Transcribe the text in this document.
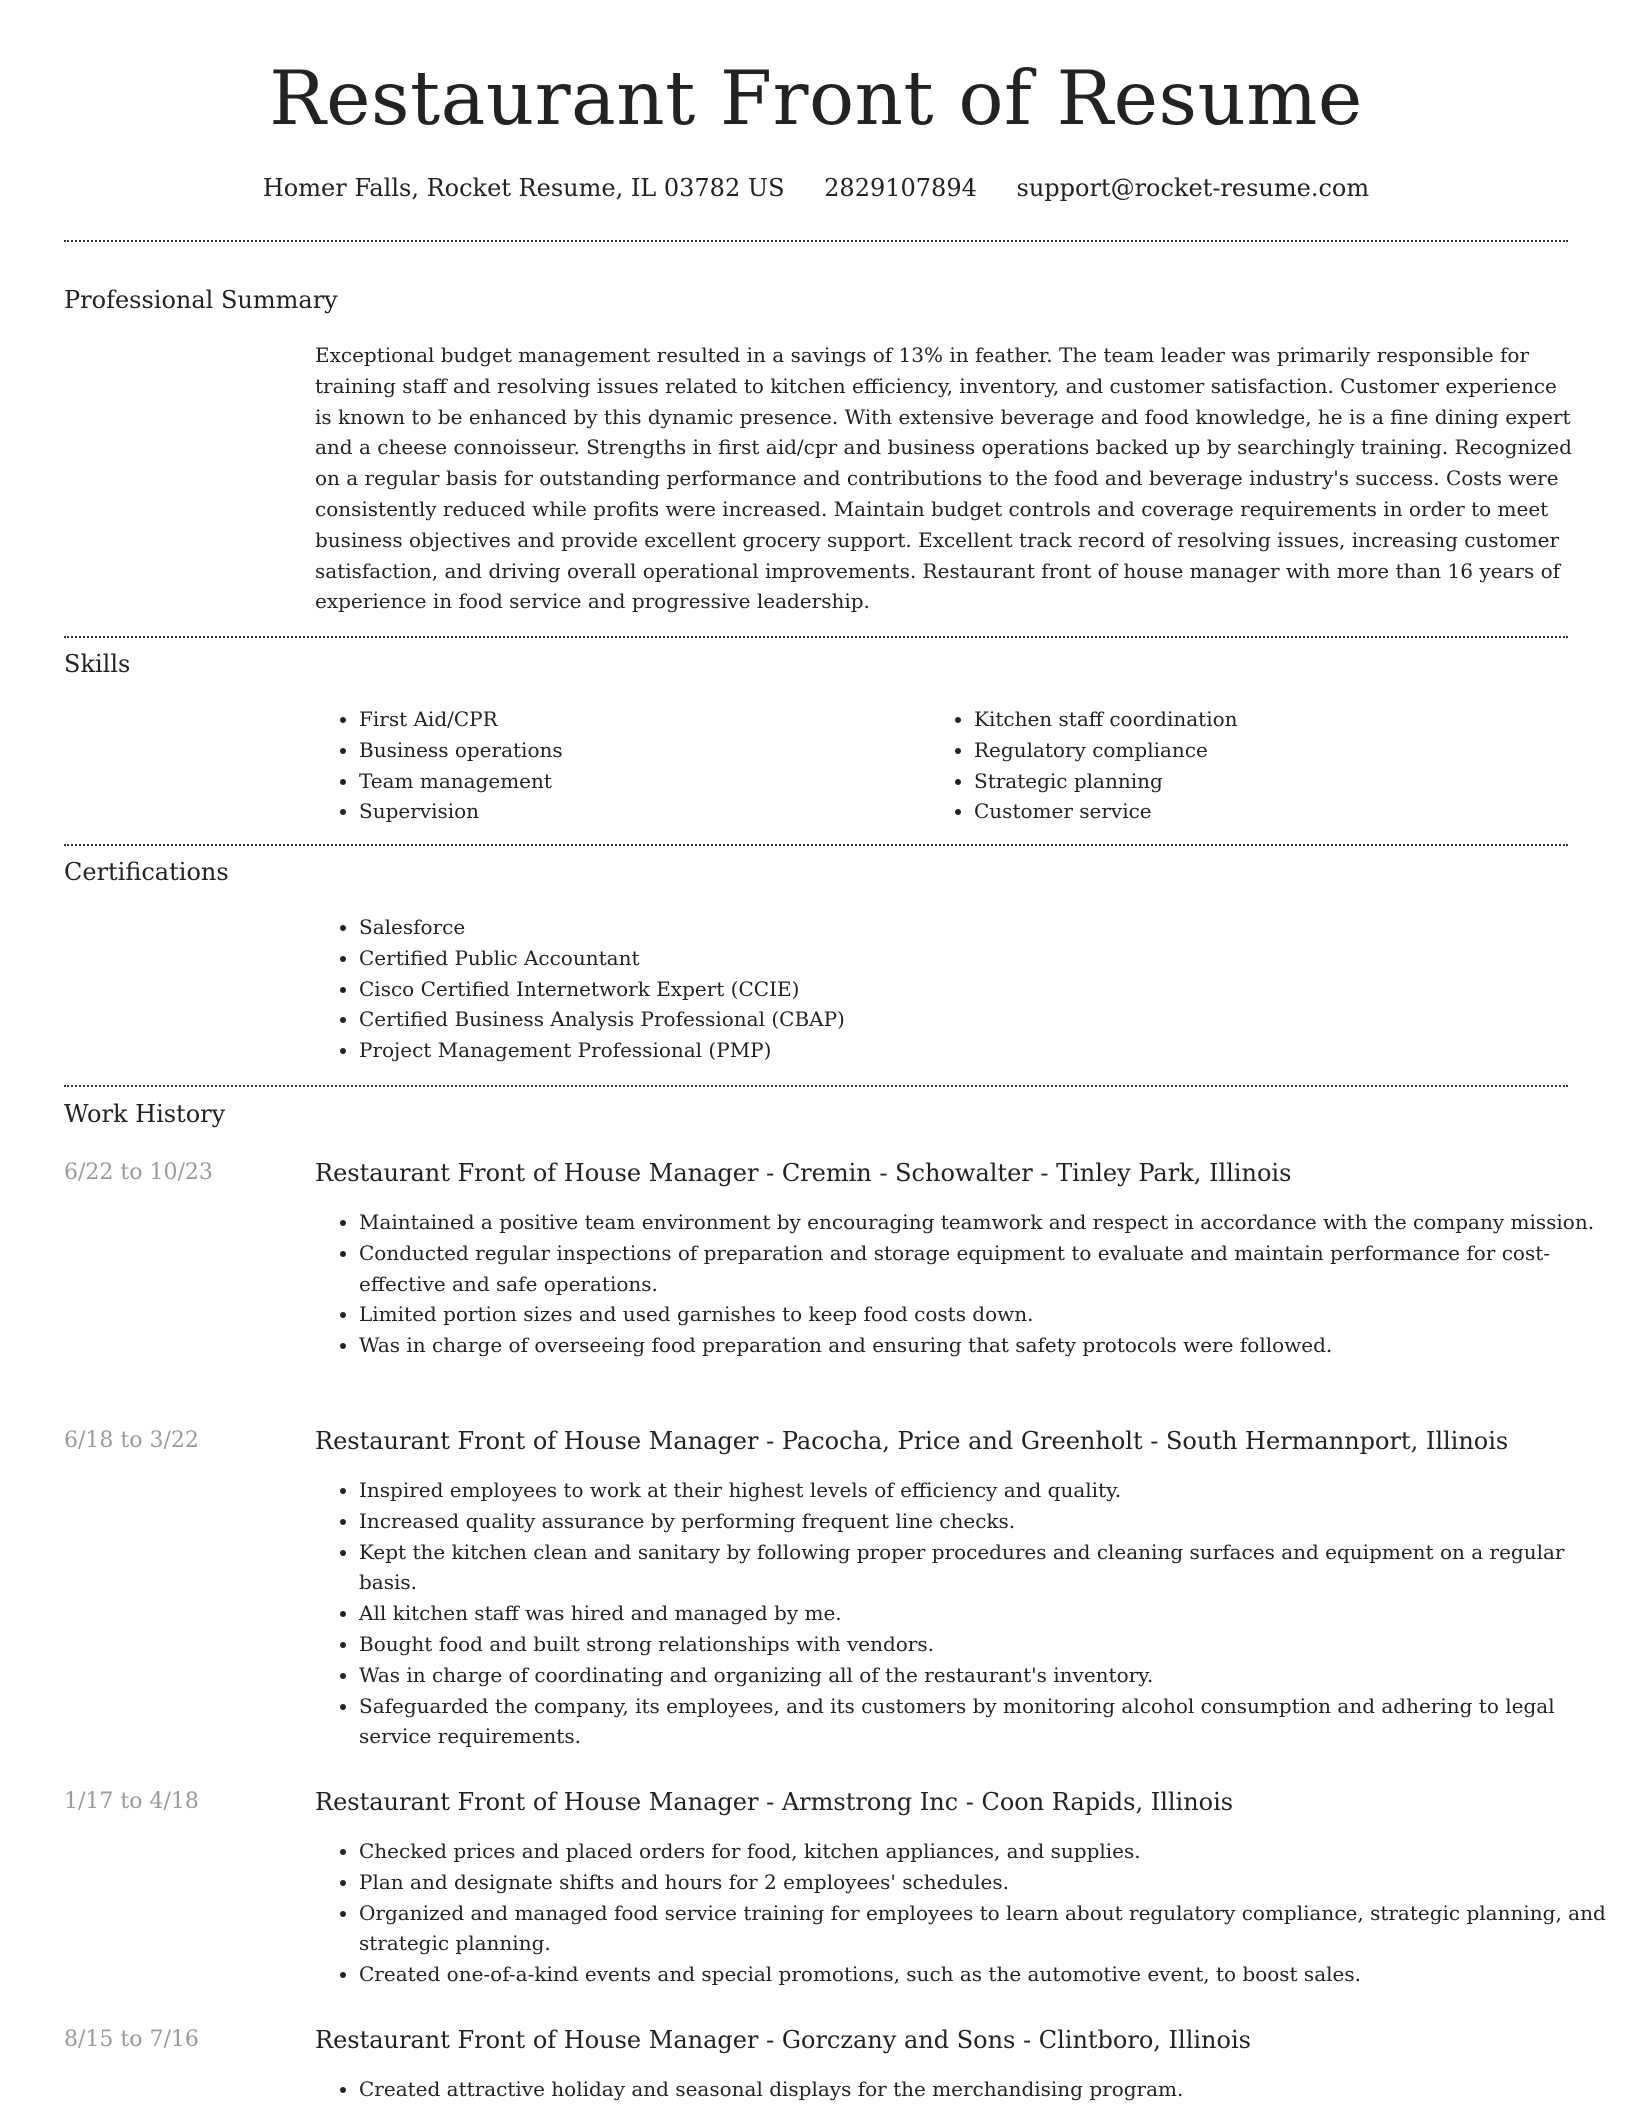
Restaurant Front of Resume
Homer Falls, Rocket Resume, IL 03782 US 2829107894 support@rocket-resume.com
Professional Summary

Exceptional budget management resulted in a savings of 13% in feather. The team leader was primarily responsible for training staff and resolving issues related to kitchen efficiency, inventory, and customer satisfaction. Customer experience is known to be enhanced by this dynamic presence. With extensive beverage and food knowledge, he is a fine dining expert and a cheese connoisseur. Strengths in first aid/cpr and business operations backed up by searchingly training. Recognized on a regular basis for outstanding performance and contributions to the food and beverage industry's success. Costs were consistently reduced while profits were increased. Maintain budget controls and coverage requirements in order to meet business objectives and provide excellent grocery support. Excellent track record of resolving issues, increasing customer satisfaction, and driving overall operational improvements. Restaurant front of house manager with more than 16 years of experience in food service and progressive leadership.

Skills
• First Aid/CPR
• Business operations
• Team management
• Supervision
• Kitchen staff coordination
• Regulatory compliance
• Strategic planning
• Customer service
Certifications
• Salesforce
• Certified Public Accountant
• Cisco Certified Internetwork Expert (CCIE)
• Certified Business Analysis Professional (CBAP)
• Project Management Professional (PMP)
Work History
6/22 to 10/23	Restaurant Front of House Manager - Cremin - Schowalter - Tinley Park, Illinois
• Maintained a positive team environment by encouraging teamwork and respect in accordance with the company mission.
• Conducted regular inspections of preparation and storage equipment to evaluate and maintain performance for cost-effective and safe operations.
• Limited portion sizes and used garnishes to keep food costs down.
• Was in charge of overseeing food preparation and ensuring that safety protocols were followed.
6/18 to 3/22	Restaurant Front of House Manager - Pacocha, Price and Greenholt - South Hermannport, Illinois
• Inspired employees to work at their highest levels of efficiency and quality.
• Increased quality assurance by performing frequent line checks.
• Kept the kitchen clean and sanitary by following proper procedures and cleaning surfaces and equipment on a regular basis.
• All kitchen staff was hired and managed by me.
• Bought food and built strong relationships with vendors.
• Was in charge of coordinating and organizing all of the restaurant's inventory.
• Safeguarded the company, its employees, and its customers by monitoring alcohol consumption and adhering to legal service requirements.
1/17 to 4/18	Restaurant Front of House Manager - Armstrong Inc - Coon Rapids, Illinois
• Checked prices and placed orders for food, kitchen appliances, and supplies.
• Plan and designate shifts and hours for 2 employees' schedules.
• Organized and managed food service training for employees to learn about regulatory compliance, strategic planning, and strategic planning.
• Created one-of-a-kind events and special promotions, such as the automotive event, to boost sales.
8/15 to 7/16	Restaurant Front of House Manager - Gorczany and Sons - Clintboro, Illinois
• Created attractive holiday and seasonal displays for the merchandising program.
